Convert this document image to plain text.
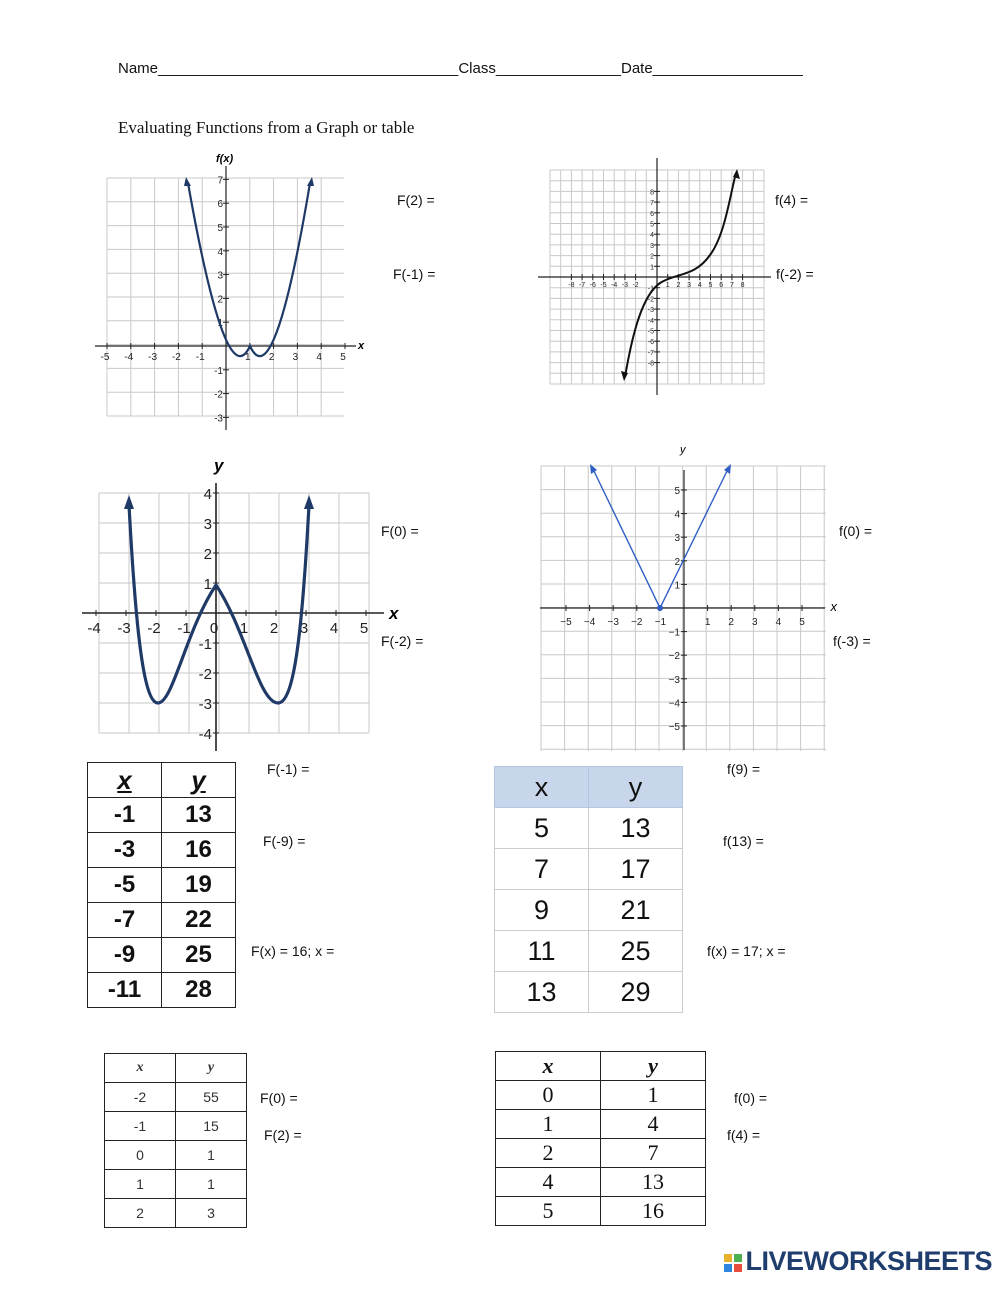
Name____________________________________Class_______________Date__________________
Evaluating Functions from a Graph or table
-5 -4 -3 -2 -1	1 2 3 4 5
7
6
5
4
3
2
1
-1
-2
-3
f(x)
x
F(2) =
F(-1) =
-8 -7 -6 -5 -4 -3 -2	1 2 3 4 5 6 7 8
8
7
6
5
4
3
2
1
-1
-2
-3
-4
-5
-6
-7
-8
f(4) =
f(-2) =
-4 -3 -2 -1 0 1 2 3 4 5
4
3
2
1
-1
-2
-3
-4
y
x
F(0) =
F(-2) =
−5 −4 −3 −2 −1	1 2 3 4 5
5
4
3
2
1
−1
−2
−3
−4
−5
y
x
f(0) =
f(-3) =
x	y
-1	13
-3	16
-5	19
-7	22
-9	25
-11	28
F(-1) =
F(-9) =
F(x) = 16; x =
x	y
5	13
7	17
9	21
11	25
13	29
f(9) =
f(13) =
f(x) = 17; x =
x	y
-2	55
-1	15
0	1
1	1
2	3
F(0) =
F(2) =
x	y
0	1
1	4
2	7
4	13
5	16
f(0) =
f(4) =

LIVEWORKSHEETS
